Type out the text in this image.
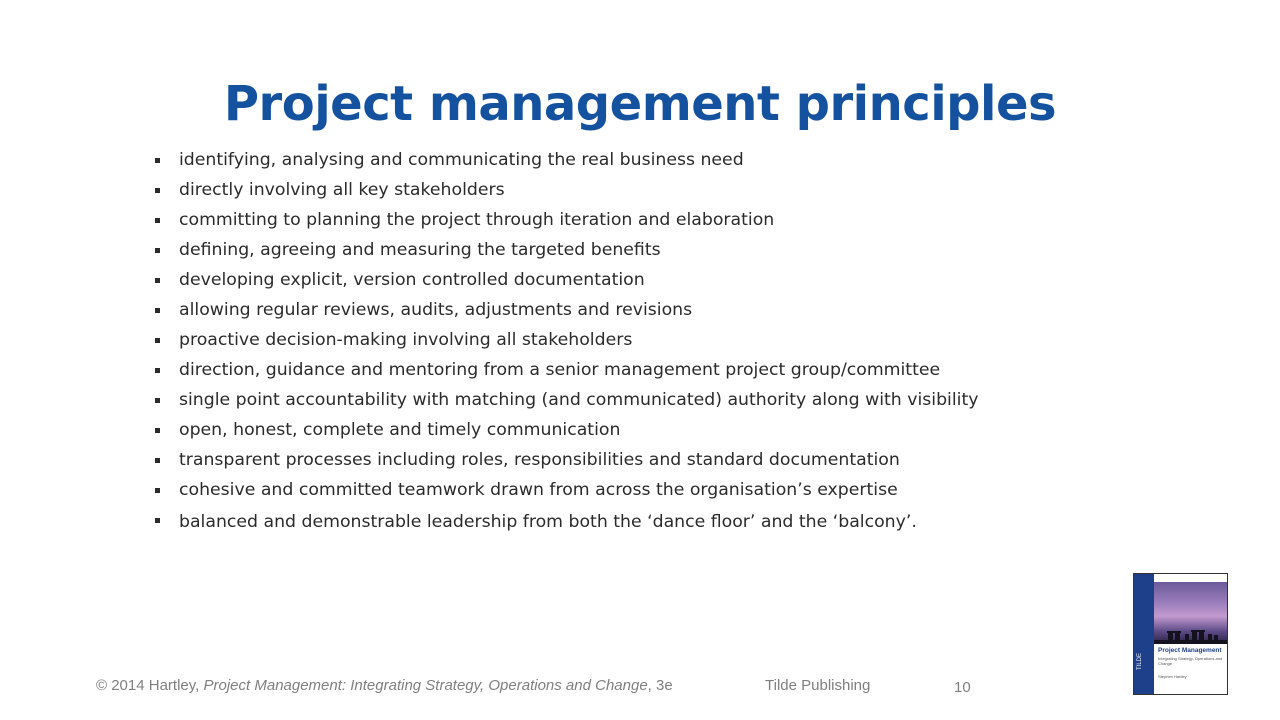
Project management principles
identifying, analysing and communicating the real business need
directly involving all key stakeholders
committing to planning the project through iteration and elaboration
defining, agreeing and measuring the targeted benefits
developing explicit, version controlled documentation
allowing regular reviews, audits, adjustments and revisions
proactive decision-making involving all stakeholders
direction, guidance and mentoring from a senior management project group/committee
single point accountability with matching (and communicated) authority along with visibility
open, honest, complete and timely communication
transparent processes including roles, responsibilities and standard documentation
cohesive and committed teamwork drawn from across the organisation’s expertise
balanced and demonstrable leadership from both the ‘dance floor’ and the ‘balcony’.
© 2014 Hartley, Project Management: Integrating Strategy, Operations and Change, 3e	Tilde Publishing	10
TILDE
Project Management
Integrating Strategy, Operations and Change
Stephen Hartley
